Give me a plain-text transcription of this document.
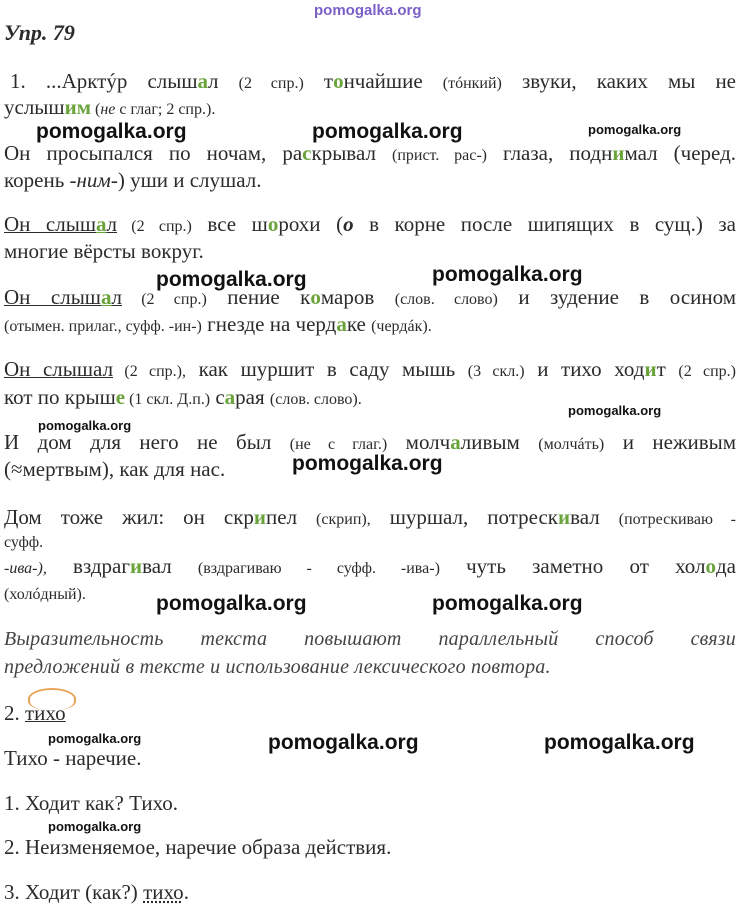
pomogalka.org
pomogalka.org	pomogalka.org	pomogalka.org
pomogalka.org	pomogalka.org
pomogalka.org
pomogalka.org
pomogalka.org
pomogalka.org	pomogalka.org
pomogalka.org	pomogalka.org	pomogalka.org
pomogalka.org
Упр. 79
1. ...Арктýр слышал (2 спр.) тончайшие (тóнкий) звуки, каких мы не
услышим (не с глаг; 2 спр.).
Он просыпался по ночам, раскрывал (прист. рас-) глаза, поднимал (черед.
корень -ним-) уши и слушал.
Он слышал (2 спр.) все шорохи (о в корне после шипящих в сущ.) за
многие вёрсты вокруг.
Он слышал (2 спр.) пение комаров (слов. слово) и зудение в осином
(отымен. прилаг., суфф. -ин-) гнезде на чердаке (чердáк).
Он слышал (2 спр.), как шуршит в саду мышь (3 скл.) и тихо ходит (2 спр.)
кот по крыше (1 скл. Д.п.) сарая (слов. слово).
И дом для него не был (не с глаг.) молчаливым (молчáть) и неживым
(≈мертвым), как для нас.
Дом тоже жил: он скрипел (скрип), шуршал, потрескивал (потрескиваю -
суфф.
-ива-), вздрагивал (вздрагиваю - суфф. -ива-) чуть заметно от холода
(холóдный).
Выразительность текста повышают параллельный способ связи
предложений в тексте и использование лексического повтора.
2. тихо
Тихо - наречие.
1. Ходит как? Тихо.
2. Неизменяемое, наречие образа действия.
3. Ходит (как?) тихо.
